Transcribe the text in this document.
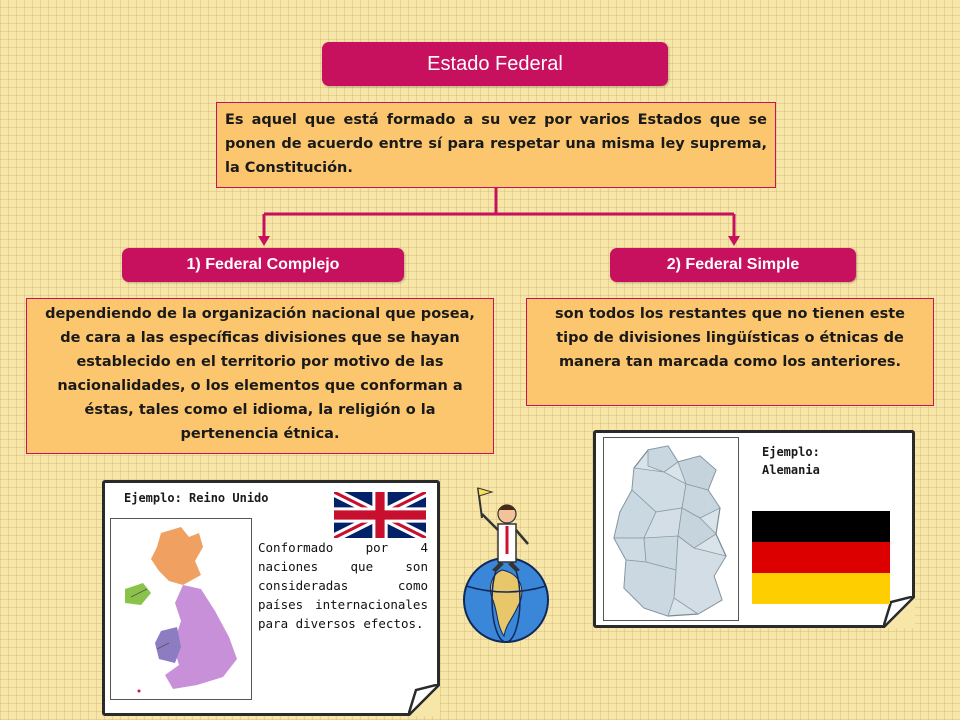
Estado Federal
Es aquel que está formado a su vez por varios Estados que se ponen de acuerdo entre sí para respetar una misma ley suprema, la Constitución.
1) Federal Complejo	2) Federal Simple
dependiendo de la organización nacional que posea, de cara a las específicas divisiones que se hayan establecido en el territorio por motivo de las nacionalidades, o los elementos que conforman a éstas, tales como el idioma, la religión o la pertenencia étnica.
son todos los restantes que no tienen este tipo de divisiones lingüísticas o étnicas de manera tan marcada como los anteriores.
Ejemplo: Reino Unido
Conformado por 4 naciones que son consideradas como países internacionales para diversos efectos.
Ejemplo:
Alemania
